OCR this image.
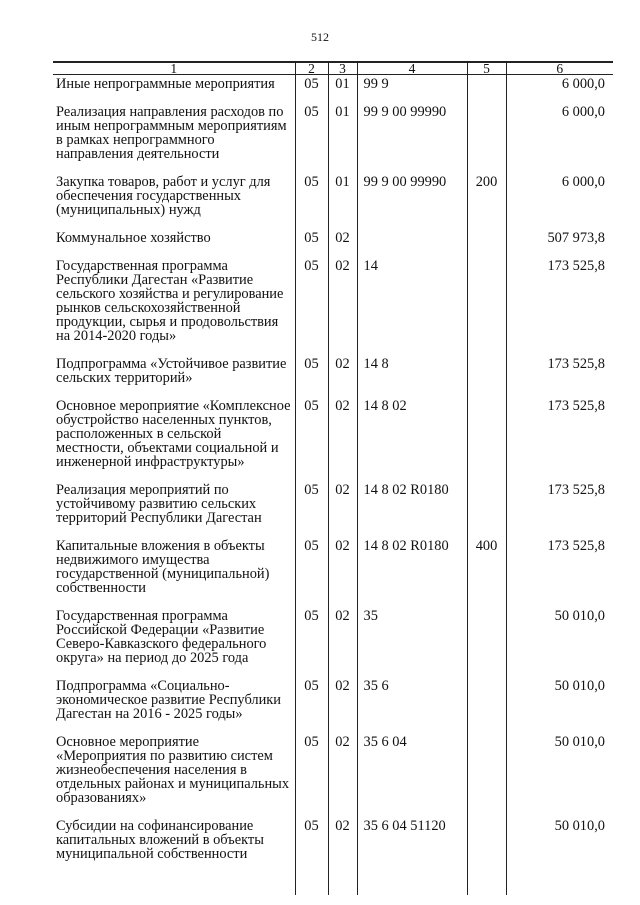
512
1	2	3	4	5	6
Иные непрограммные мероприятия	05	01	99 9		6 000,0
Реализация направления расходов по иным непрограммным мероприятиям в рамках непрограммного направления деятельности	05	01	99 9 00 99990		6 000,0
Закупка товаров, работ и услуг для обеспечения государственных (муниципальных) нужд	05	01	99 9 00 99990	200	6 000,0
Коммунальное хозяйство	05	02			507 973,8
Государственная программа Республики Дагестан «Развитие сельского хозяйства и регулирование рынков сельскохозяйственной продукции, сырья и продовольствия на 2014-2020 годы»	05	02	14		173 525,8
Подпрограмма «Устойчивое развитие сельских территорий»	05	02	14 8		173 525,8
Основное мероприятие «Комплексное обустройство населенных пунктов, расположенных в сельской местности, объектами социальной и инженерной инфраструктуры»	05	02	14 8 02		173 525,8
Реализация мероприятий по устойчивому развитию сельских территорий Республики Дагестан	05	02	14 8 02 R0180		173 525,8
Капитальные вложения в объекты недвижимого имущества государственной (муниципальной) собственности	05	02	14 8 02 R0180	400	173 525,8
Государственная программа Российской Федерации «Развитие Северо-Кавказского федерального округа» на период до 2025 года	05	02	35		50 010,0
Подпрограмма «Социально-экономическое развитие Республики Дагестан на 2016 - 2025 годы»	05	02	35 6		50 010,0
Основное мероприятие «Мероприятия по развитию систем жизнеобеспечения населения в отдельных районах и муниципальных образованиях»	05	02	35 6 04		50 010,0
Субсидии на софинансирование капитальных вложений в объекты муниципальной собственности	05	02	35 6 04 51120		50 010,0
